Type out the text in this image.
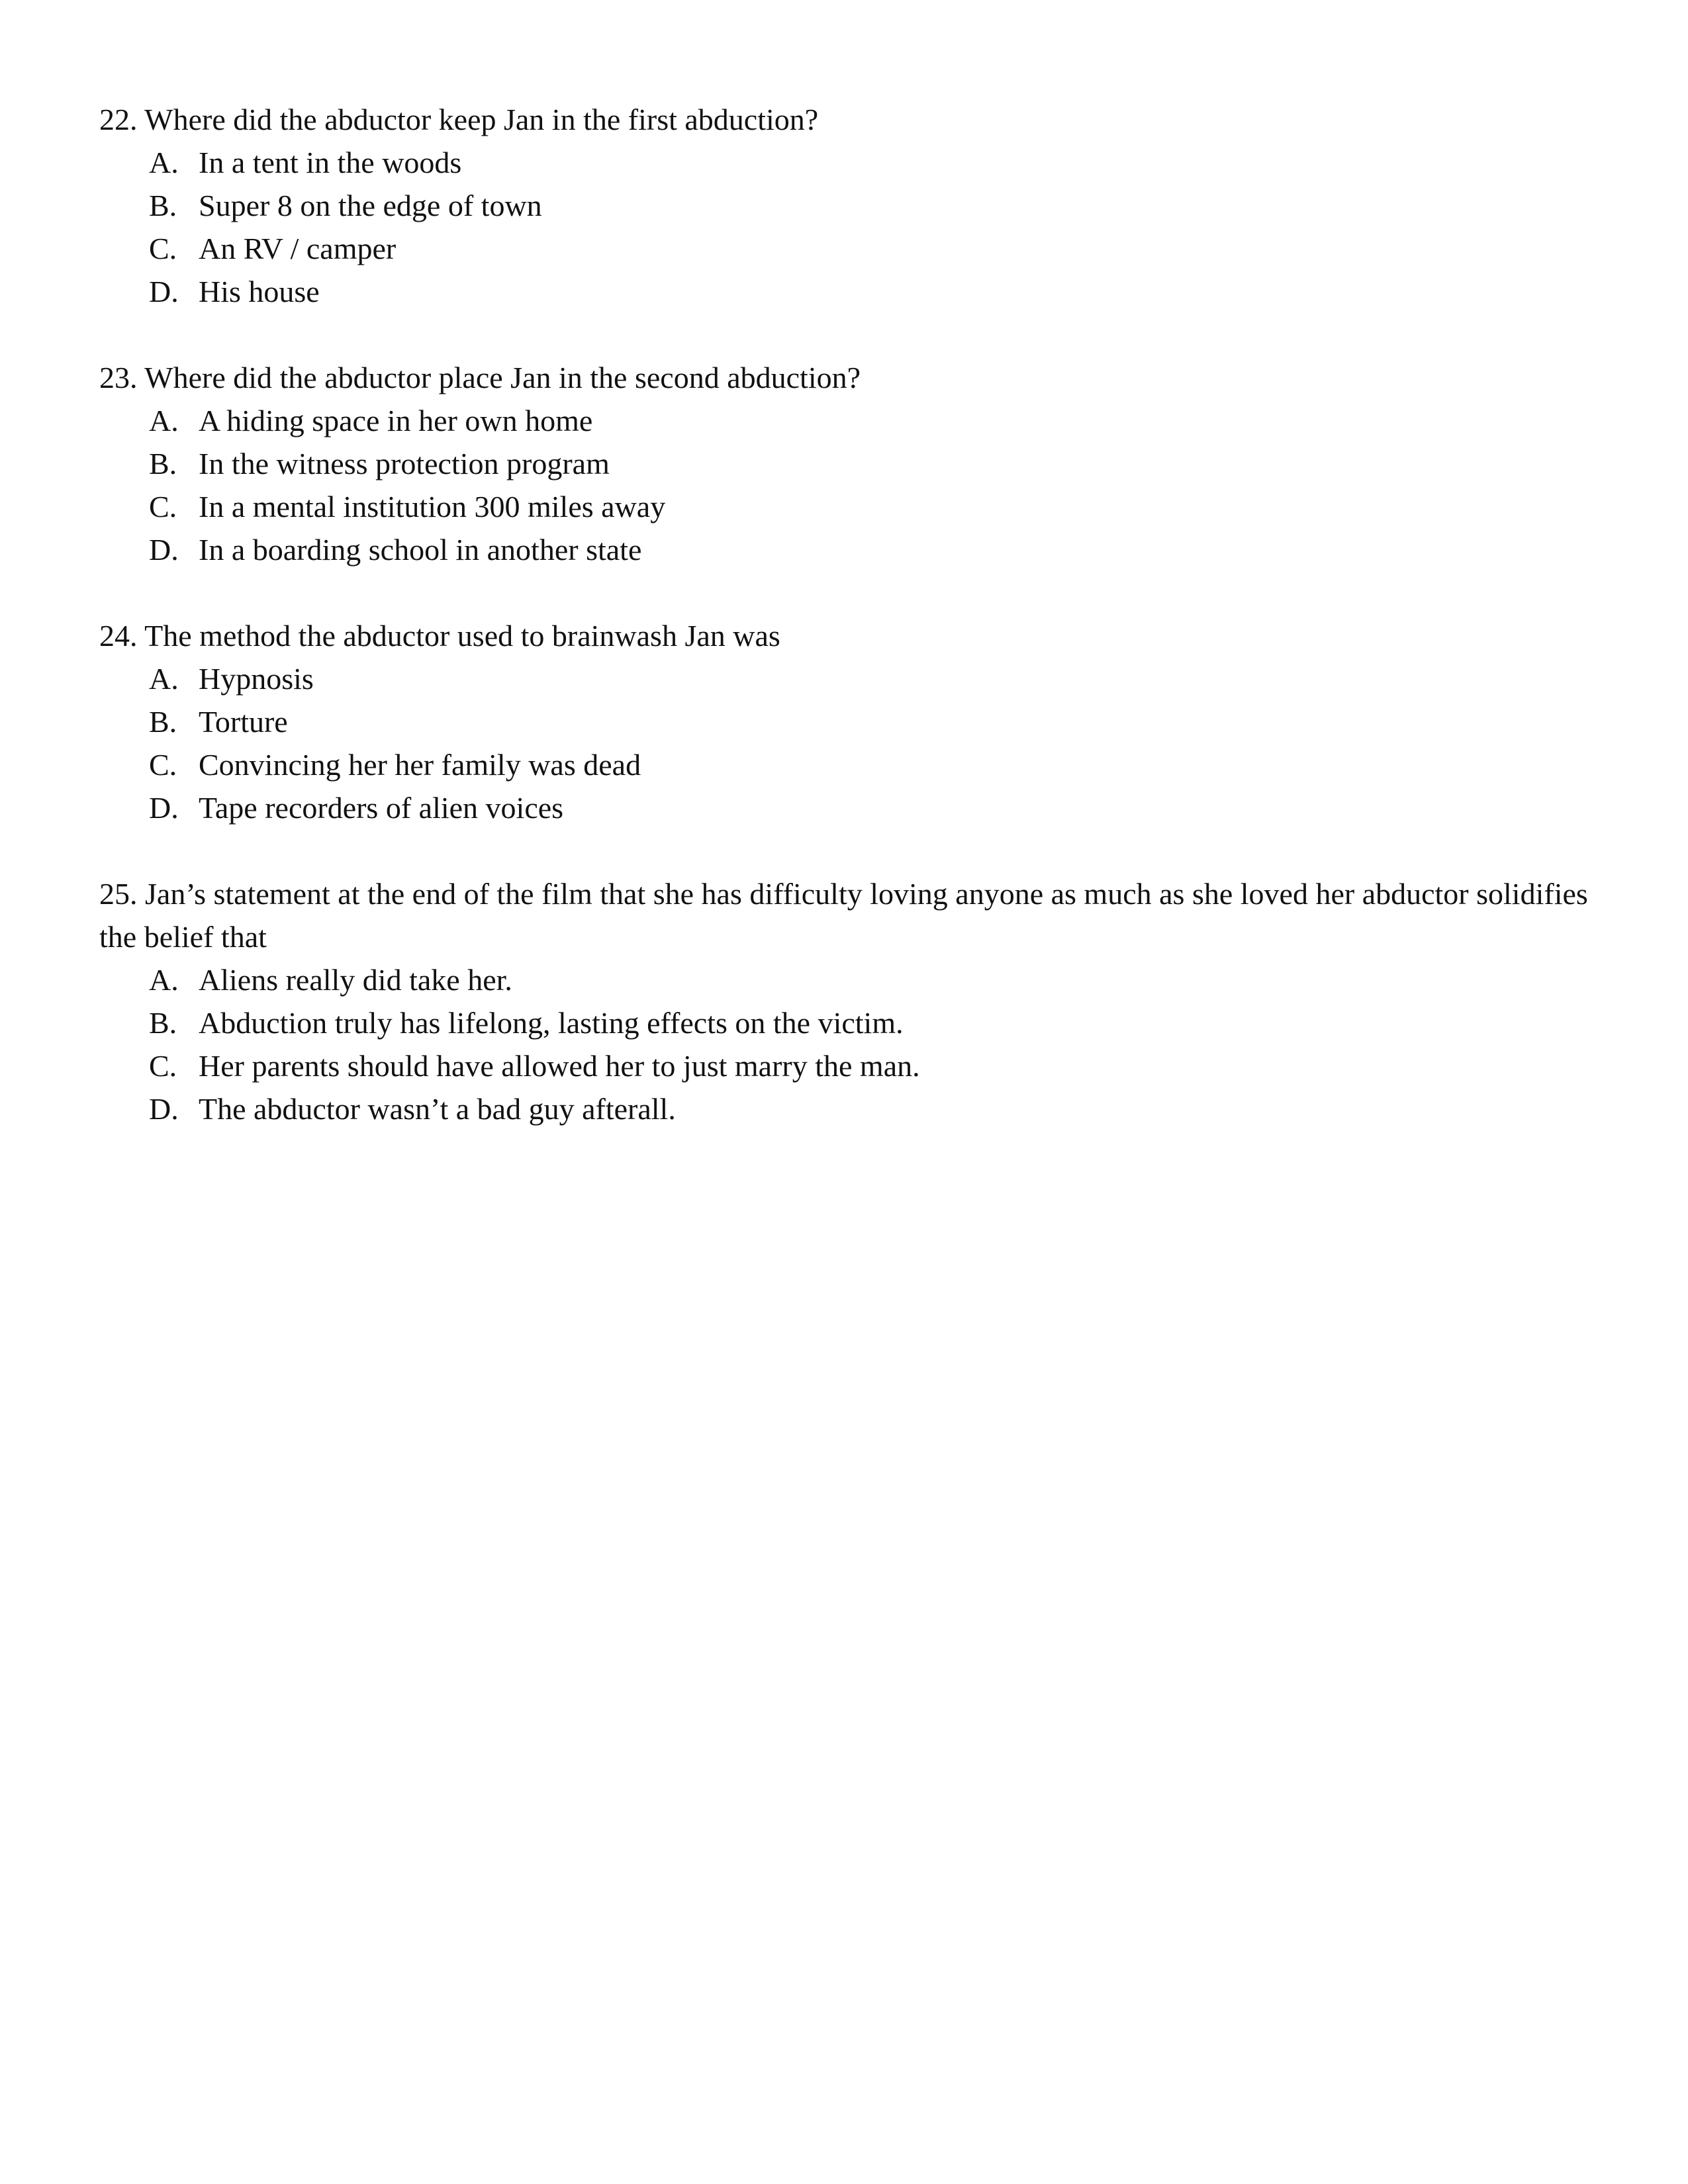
22. Where did the abductor keep Jan in the first abduction?
A. In a tent in the woods
B. Super 8 on the edge of town
C. An RV / camper
D. His house
23. Where did the abductor place Jan in the second abduction?
A. A hiding space in her own home
B. In the witness protection program
C. In a mental institution 300 miles away
D. In a boarding school in another state
24. The method the abductor used to brainwash Jan was
A. Hypnosis
B. Torture
C. Convincing her her family was dead
D. Tape recorders of alien voices
25. Jan’s statement at the end of the film that she has difficulty loving anyone as much as she loved her abductor solidifies the belief that
A. Aliens really did take her.
B. Abduction truly has lifelong, lasting effects on the victim.
C. Her parents should have allowed her to just marry the man.
D. The abductor wasn’t a bad guy afterall.
